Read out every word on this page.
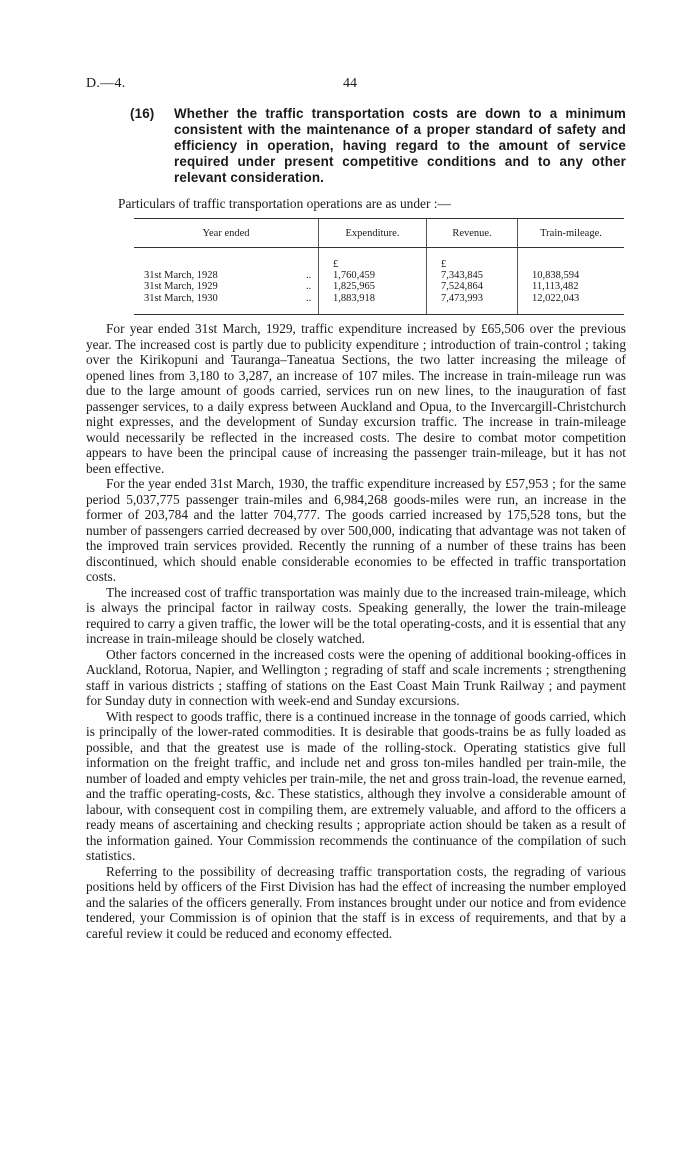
D.—4.	44
(16) Whether the traffic transportation costs are down to a minimum consistent with the maintenance of a proper standard of safety and efficiency in operation, having regard to the amount of service required under present competitive conditions and to any other relevant consideration.
Particulars of traffic transportation operations are as under :—
Year ended		Expenditure.	Revenue.	Train-mileage.
		£	£	
31st March, 1928	..	1,760,459	7,343,845	10,838,594
31st March, 1929	..	1,825,965	7,524,864	11,113,482
31st March, 1930	..	1,883,918	7,473,993	12,022,043

For year ended 31st March, 1929, traffic expenditure increased by £65,506 over the previous year. The increased cost is partly due to publicity expenditure ; introduction of train-control ; taking over the Kirikopuni and Tauranga–Taneatua Sections, the two latter increasing the mileage of opened lines from 3,180 to 3,287, an increase of 107 miles. The increase in train-mileage run was due to the large amount of goods carried, services run on new lines, to the inauguration of fast passenger services, to a daily express between Auckland and Opua, to the Invercargill-Christchurch night expresses, and the development of Sunday excursion traffic. The increase in train-mileage would necessarily be reflected in the increased costs. The desire to combat motor competition appears to have been the principal cause of increasing the passenger train-mileage, but it has not been effective.

For the year ended 31st March, 1930, the traffic expenditure increased by £57,953 ; for the same period 5,037,775 passenger train-miles and 6,984,268 goods-miles were run, an increase in the former of 203,784 and the latter 704,777. The goods carried increased by 175,528 tons, but the number of passengers carried decreased by over 500,000, indicating that advantage was not taken of the improved train services provided. Recently the running of a number of these trains has been discontinued, which should enable considerable economies to be effected in traffic transportation costs.

The increased cost of traffic transportation was mainly due to the increased train-mileage, which is always the principal factor in railway costs. Speaking generally, the lower the train-mileage required to carry a given traffic, the lower will be the total operating-costs, and it is essential that any increase in train-mileage should be closely watched.

Other factors concerned in the increased costs were the opening of additional booking-offices in Auckland, Rotorua, Napier, and Wellington ; regrading of staff and scale increments ; strengthening staff in various districts ; staffing of stations on the East Coast Main Trunk Railway ; and payment for Sunday duty in connection with week-end and Sunday excursions.

With respect to goods traffic, there is a continued increase in the tonnage of goods carried, which is principally of the lower-rated commodities. It is desirable that goods-trains be as fully loaded as possible, and that the greatest use is made of the rolling-stock. Operating statistics give full information on the freight traffic, and include net and gross ton-miles handled per train-mile, the number of loaded and empty vehicles per train-mile, the net and gross train-load, the revenue earned, and the traffic operating-costs, &c. These statistics, although they involve a considerable amount of labour, with consequent cost in compiling them, are extremely valuable, and afford to the officers a ready means of ascertaining and checking results ; appropriate action should be taken as a result of the information gained. Your Commission recommends the continuance of the compilation of such statistics.

Referring to the possibility of decreasing traffic transportation costs, the regrading of various positions held by officers of the First Division has had the effect of increasing the number employed and the salaries of the officers generally. From instances brought under our notice and from evidence tendered, your Commission is of opinion that the staff is in excess of requirements, and that by a careful review it could be reduced and economy effected.
